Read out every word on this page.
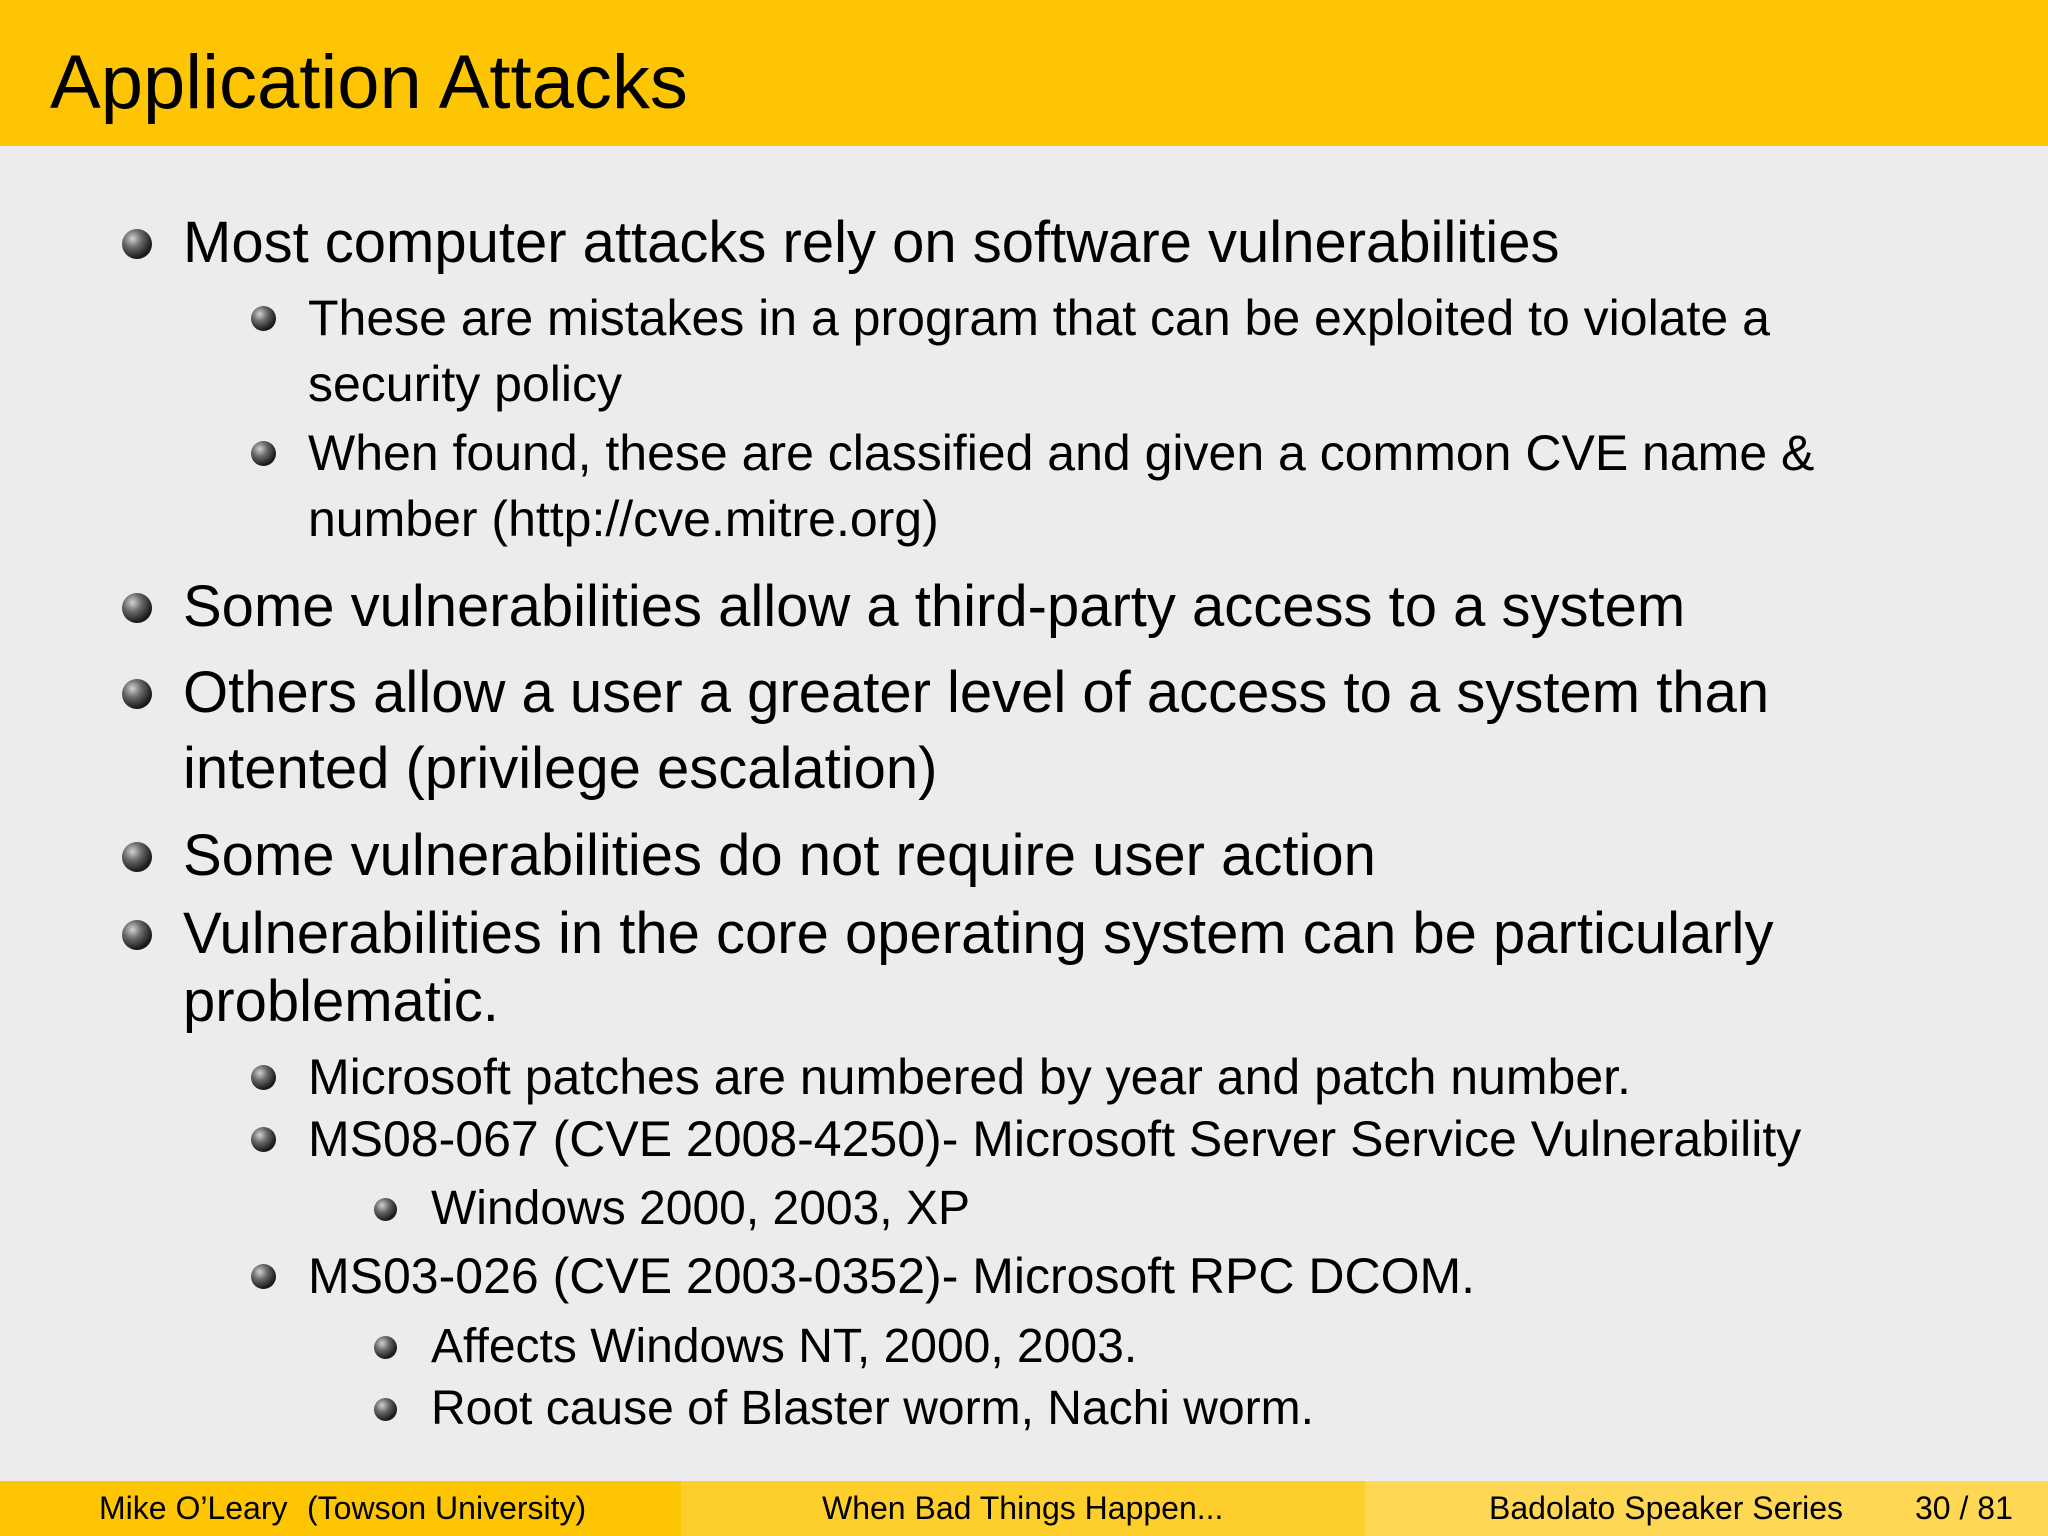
Application Attacks
Most computer attacks rely on software vulnerabilities
These are mistakes in a program that can be exploited to violate a
security policy
When found, these are classified and given a common CVE name &
number (http://cve.mitre.org)
Some vulnerabilities allow a third-party access to a system
Others allow a user a greater level of access to a system than
intented (privilege escalation)
Some vulnerabilities do not require user action
Vulnerabilities in the core operating system can be particularly
problematic.
Microsoft patches are numbered by year and patch number.
MS08-067 (CVE 2008-4250)- Microsoft Server Service Vulnerability
Windows 2000, 2003, XP
MS03-026 (CVE 2003-0352)- Microsoft RPC DCOM.
Affects Windows NT, 2000, 2003.
Root cause of Blaster worm, Nachi worm.
Mike O’Leary (Towson University)	When Bad Things Happen...	Badolato Speaker Series 30 / 81
